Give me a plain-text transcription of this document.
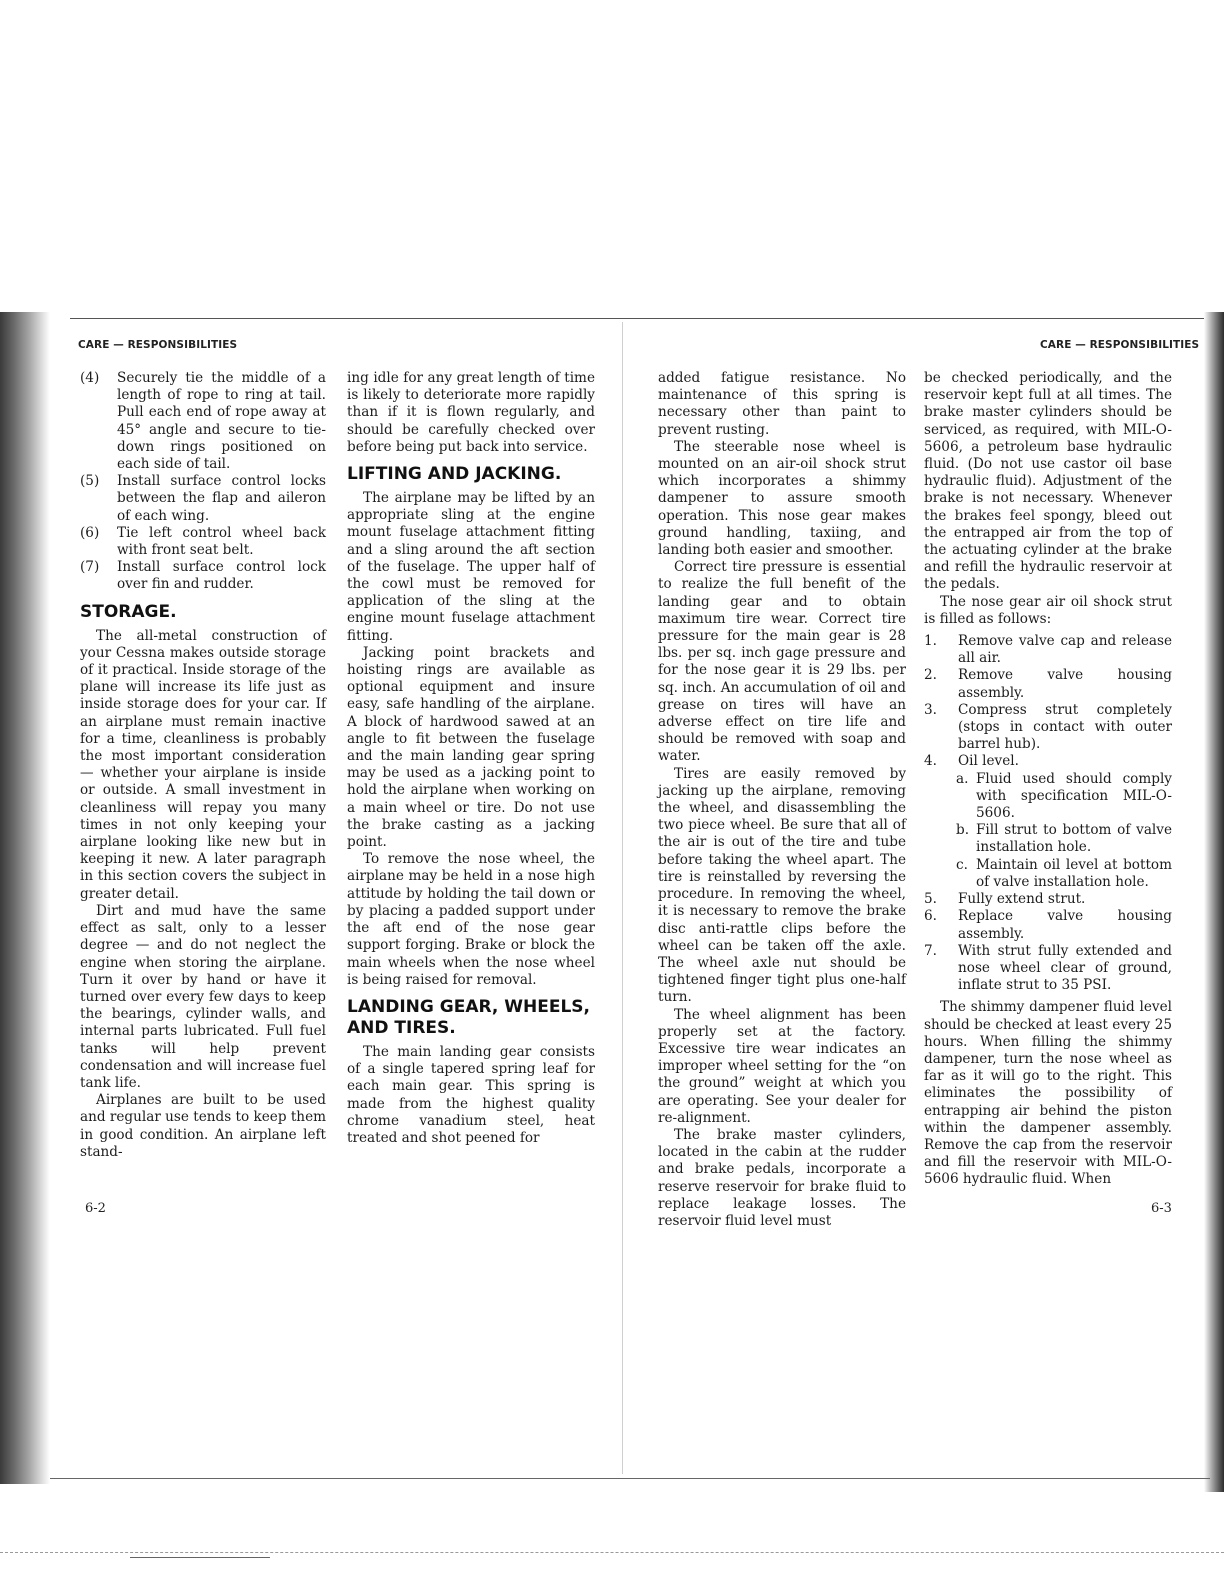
CARE — RESPONSIBILITIES	CARE — RESPONSIBILITIES
(4)	Securely tie the middle of a length of rope to ring at tail. Pull each end of rope away at 45° angle and secure to tie-down rings positioned on each side of tail.
(5)	Install surface control locks between the flap and aileron of each wing.
(6)	Tie left control wheel back with front seat belt.
(7)	Install surface control lock over fin and rudder.
STORAGE.

The all-metal construction of your Cessna makes outside storage of it practical. Inside storage of the plane will increase its life just as inside storage does for your car. If an airplane must remain inactive for a time, cleanliness is probably the most important consideration — whether your airplane is inside or outside. A small investment in cleanliness will repay you many times in not only keeping your airplane looking like new but in keeping it new. A later paragraph in this section covers the subject in greater detail.

Dirt and mud have the same effect as salt, only to a lesser degree — and do not neglect the engine when storing the airplane. Turn it over by hand or have it turned over every few days to keep the bearings, cylinder walls, and internal parts lubricated. Full fuel tanks will help prevent condensation and will increase fuel tank life.

Airplanes are built to be used and regular use tends to keep them in good condition. An airplane left stand-

ing idle for any great length of time is likely to deteriorate more rapidly than if it is flown regularly, and should be carefully checked over before being put back into service.

LIFTING AND JACKING.

The airplane may be lifted by an appropriate sling at the engine mount fuselage attachment fitting and a sling around the aft section of the fuselage. The upper half of the cowl must be removed for application of the sling at the engine mount fuselage attachment fitting.

Jacking point brackets and hoisting rings are available as optional equipment and insure easy, safe handling of the airplane. A block of hardwood sawed at an angle to fit between the fuselage and the main landing gear spring may be used as a jacking point to hold the airplane when working on a main wheel or tire. Do not use the brake casting as a jacking point.

To remove the nose wheel, the airplane may be held in a nose high attitude by holding the tail down or by placing a padded support under the aft end of the nose gear support forging. Brake or block the main wheels when the nose wheel is being raised for removal.

LANDING GEAR, WHEELS,
AND TIRES.

The main landing gear consists of a single tapered spring leaf for each main gear. This spring is made from the highest quality chrome vanadium steel, heat treated and shot peened for

added fatigue resistance. No maintenance of this spring is necessary other than paint to prevent rusting.

The steerable nose wheel is mounted on an air-oil shock strut which incorporates a shimmy dampener to assure smooth operation. This nose gear makes ground handling, taxiing, and landing both easier and smoother.

Correct tire pressure is essential to realize the full benefit of the landing gear and to obtain maximum tire wear. Correct tire pressure for the main gear is 28 lbs. per sq. inch gage pressure and for the nose gear it is 29 lbs. per sq. inch. An accumulation of oil and grease on tires will have an adverse effect on tire life and should be removed with soap and water.

Tires are easily removed by jacking up the airplane, removing the wheel, and disassembling the two piece wheel. Be sure that all of the air is out of the tire and tube before taking the wheel apart. The tire is reinstalled by reversing the procedure. In removing the wheel, it is necessary to remove the brake disc anti-rattle clips before the wheel can be taken off the axle. The wheel axle nut should be tightened finger tight plus one-half turn.

The wheel alignment has been properly set at the factory. Excessive tire wear indicates an improper wheel setting for the “on the ground” weight at which you are operating. See your dealer for re-alignment.

The brake master cylinders, located in the cabin at the rudder and brake pedals, incorporate a reserve reservoir for brake fluid to replace leakage losses. The reservoir fluid level must

be checked periodically, and the reservoir kept full at all times. The brake master cylinders should be serviced, as required, with MIL-O-5606, a petroleum base hydraulic fluid. (Do not use castor oil base hydraulic fluid). Adjustment of the brake is not necessary. Whenever the brakes feel spongy, bleed out the entrapped air from the top of the actuating cylinder at the brake and refill the hydraulic reservoir at the pedals.

The nose gear air oil shock strut is filled as follows:

1.	Remove valve cap and release all air.
2.	Remove valve housing assembly.
3.	Compress strut completely (stops in contact with outer barrel hub).
4.	Oil level.
a. Fluid used should comply with specification MIL-O-5606.
b. Fill strut to bottom of valve installation hole.
c. Maintain oil level at bottom of valve installation hole.
5.	Fully extend strut.
6.	Replace valve housing assembly.
7.	With strut fully extended and nose wheel clear of ground, inflate strut to 35 PSI.

The shimmy dampener fluid level should be checked at least every 25 hours. When filling the shimmy dampener, turn the nose wheel as far as it will go to the right. This eliminates the possibility of entrapping air behind the piston within the dampener assembly. Remove the cap from the reservoir and fill the reservoir with MIL-O-5606 hydraulic fluid. When

6-2	6-3
